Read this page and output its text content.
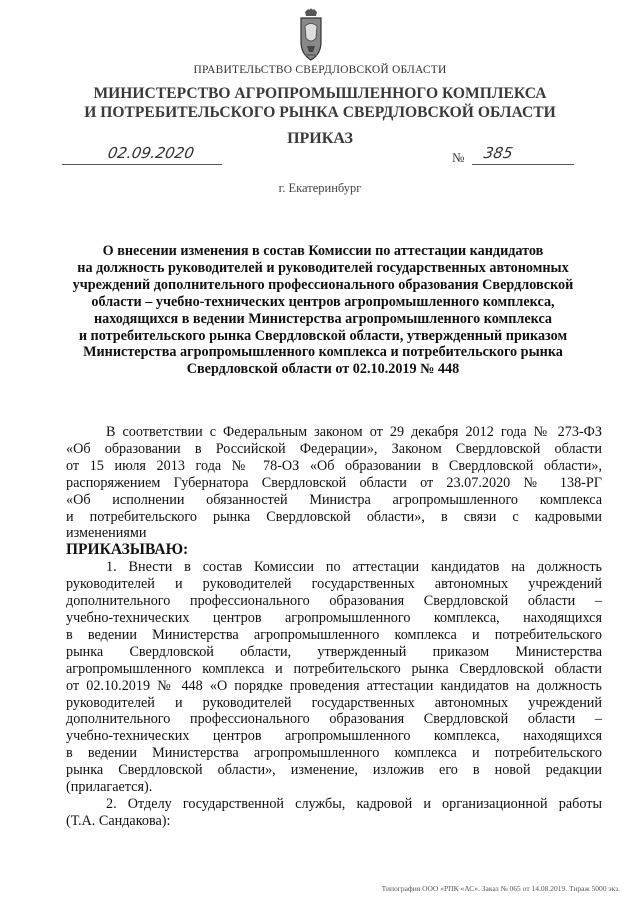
ПРАВИТЕЛЬСТВО СВЕРДЛОВСКОЙ ОБЛАСТИ
МИНИСТЕРСТВО АГРОПРОМЫШЛЕННОГО КОМПЛЕКСА
И ПОТРЕБИТЕЛЬСКОГО РЫНКА СВЕРДЛОВСКОЙ ОБЛАСТИ
ПРИКАЗ
02.09.2020	№ 385
г. Екатеринбург
О внесении изменения в состав Комиссии по аттестации кандидатов
на должность руководителей и руководителей государственных автономных
учреждений дополнительного профессионального образования Свердловской
области – учебно-технических центров агропромышленного комплекса,
находящихся в ведении Министерства агропромышленного комплекса
и потребительского рынка Свердловской области, утвержденный приказом
Министерства агропромышленного комплекса и потребительского рынка
Свердловской области от 02.10.2019 № 448
В соответствии с Федеральным законом от 29 декабря 2012 года № 273-ФЗ
«Об образовании в Российской Федерации», Законом Свердловской области
от 15 июля 2013 года № 78-ОЗ «Об образовании в Свердловской области»,
распоряжением Губернатора Свердловской области от 23.07.2020 № 138-РГ
«Об исполнении обязанностей Министра агропромышленного комплекса
и потребительского рынка Свердловской области», в связи с кадровыми
изменениями
ПРИКАЗЫВАЮ:
1. Внести в состав Комиссии по аттестации кандидатов на должность
руководителей и руководителей государственных автономных учреждений
дополнительного профессионального образования Свердловской области –
учебно-технических центров агропромышленного комплекса, находящихся
в ведении Министерства агропромышленного комплекса и потребительского
рынка Свердловской области, утвержденный приказом Министерства
агропромышленного комплекса и потребительского рынка Свердловской области
от 02.10.2019 № 448 «О порядке проведения аттестации кандидатов на должность
руководителей и руководителей государственных автономных учреждений
дополнительного профессионального образования Свердловской области –
учебно-технических центров агропромышленного комплекса, находящихся
в ведении Министерства агропромышленного комплекса и потребительского
рынка Свердловской области», изменение, изложив его в новой редакции
(прилагается).
2. Отделу государственной службы, кадровой и организационной работы
(Т.А. Сандакова):
Типография ООО «РПК «АС». Заказ № 065 от 14.08.2019. Тираж 5000 экз.
